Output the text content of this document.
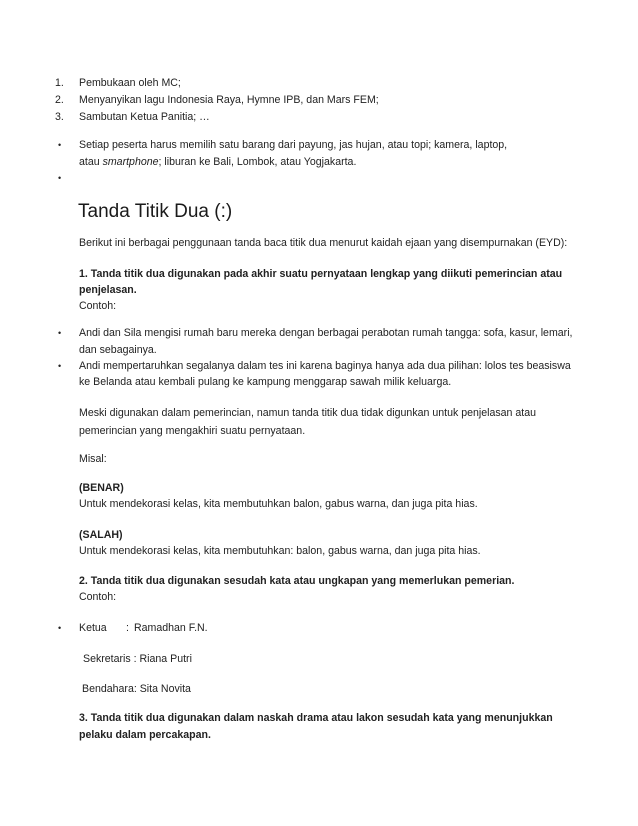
1. Pembukaan oleh MC;
2. Menyanyikan lagu Indonesia Raya, Hymne IPB, dan Mars FEM;
3. Sambutan Ketua Panitia; …
• Setiap peserta harus memilih satu barang dari payung, jas hujan, atau topi; kamera, laptop,
atau smartphone; liburan ke Bali, Lombok, atau Yogjakarta.
•
Tanda Titik Dua (:)
Berikut ini berbagai penggunaan tanda baca titik dua menurut kaidah ejaan yang disempurnakan (EYD):
1. Tanda titik dua digunakan pada akhir suatu pernyataan lengkap yang diikuti pemerincian atau
penjelasan.
Contoh:
• Andi dan Sila mengisi rumah baru mereka dengan berbagai perabotan rumah tangga: sofa, kasur, lemari,
dan sebagainya.
• Andi mempertaruhkan segalanya dalam tes ini karena baginya hanya ada dua pilihan: lolos tes beasiswa
ke Belanda atau kembali pulang ke kampung menggarap sawah milik keluarga.
Meski digunakan dalam pemerincian, namun tanda titik dua tidak digunkan untuk penjelasan atau
pemerincian yang mengakhiri suatu pernyataan.
Misal:
(BENAR)
Untuk mendekorasi kelas, kita membutuhkan balon, gabus warna, dan juga pita hias.
(SALAH)
Untuk mendekorasi kelas, kita membutuhkan: balon, gabus warna, dan juga pita hias.
2. Tanda titik dua digunakan sesudah kata atau ungkapan yang memerlukan pemerian.
Contoh:
• Ketua : Ramadhan F.N.
Sekretaris : Riana Putri
Bendahara: Sita Novita
3. Tanda titik dua digunakan dalam naskah drama atau lakon sesudah kata yang menunjukkan
pelaku dalam percakapan.
